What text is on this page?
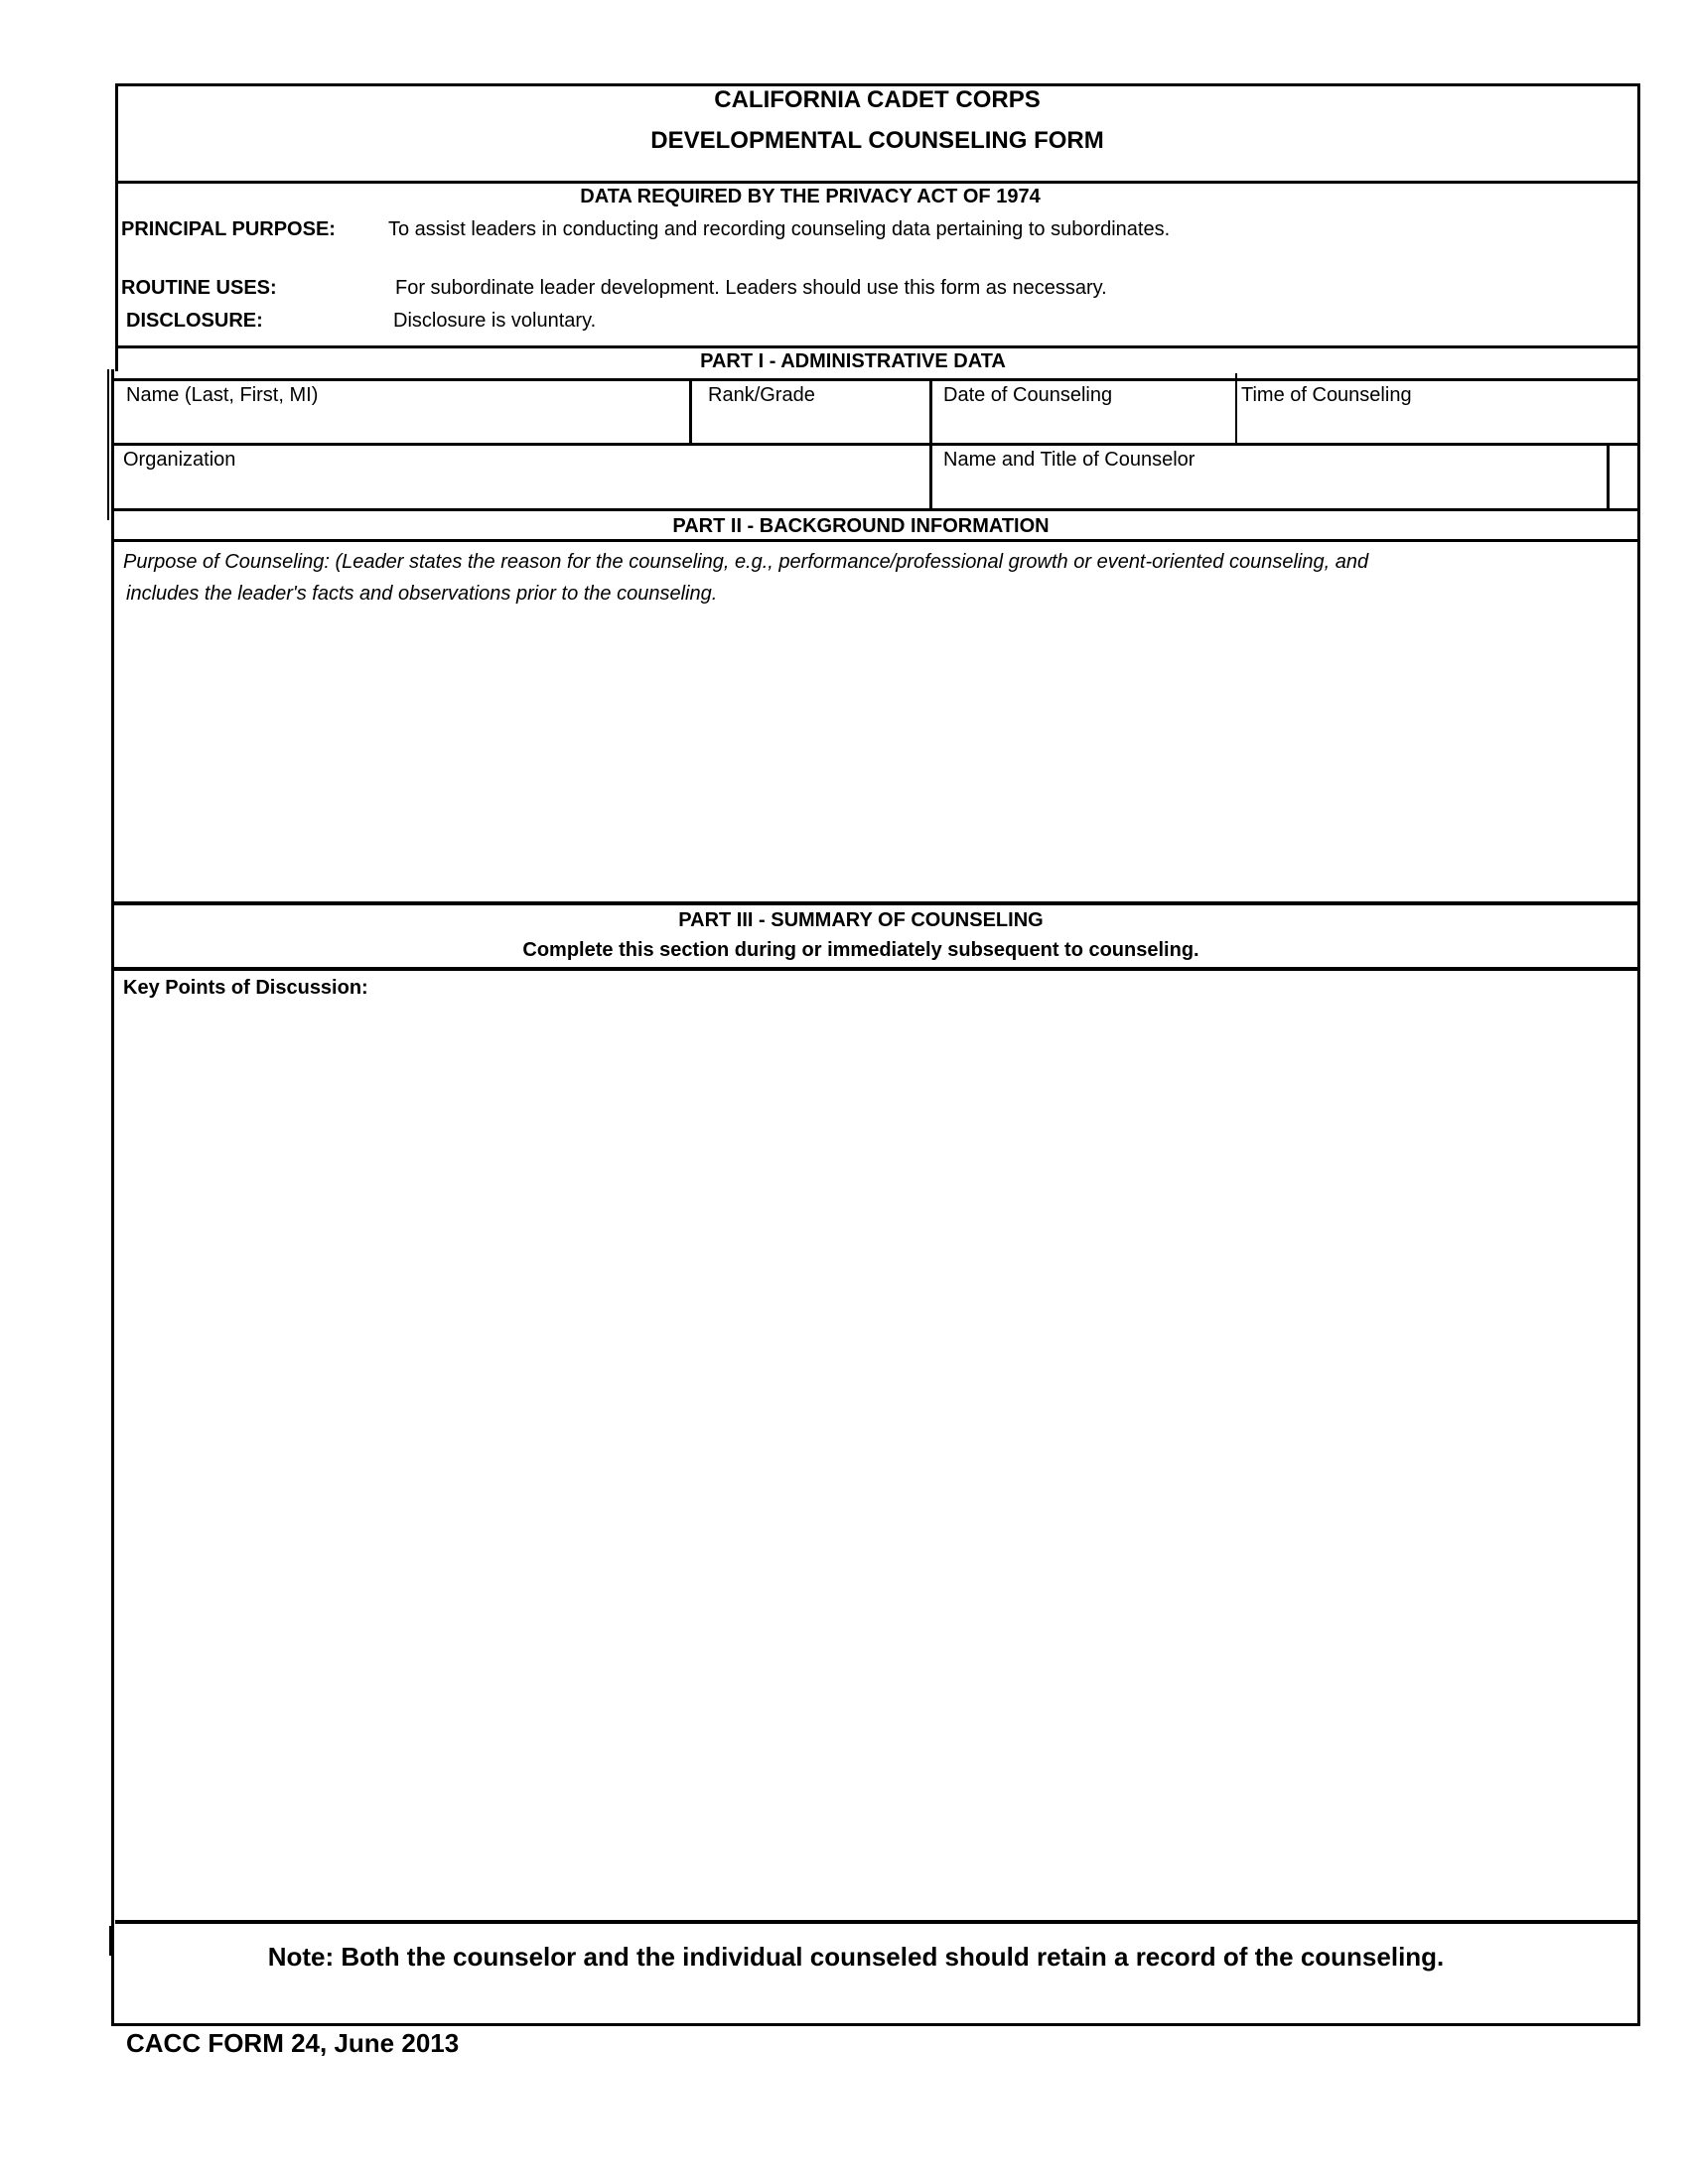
CALIFORNIA CADET CORPS
DEVELOPMENTAL COUNSELING FORM
DATA REQUIRED BY THE PRIVACY ACT OF 1974
PRINCIPAL PURPOSE:	To assist leaders in conducting and recording counseling data pertaining to subordinates.
ROUTINE USES:	For subordinate leader development. Leaders should use this form as necessary.
DISCLOSURE:	Disclosure is voluntary.
PART I - ADMINISTRATIVE DATA
Name (Last, First, MI)	Rank/Grade	Date of Counseling	Time of Counseling
Organization	Name and Title of Counselor
PART II - BACKGROUND INFORMATION
Purpose of Counseling: (Leader states the reason for the counseling, e.g., performance/professional growth or event-oriented counseling, and
includes the leader's facts and observations prior to the counseling.
PART III - SUMMARY OF COUNSELING
Complete this section during or immediately subsequent to counseling.
Key Points of Discussion:
Note: Both the counselor and the individual counseled should retain a record of the counseling.
CACC FORM 24, June 2013
